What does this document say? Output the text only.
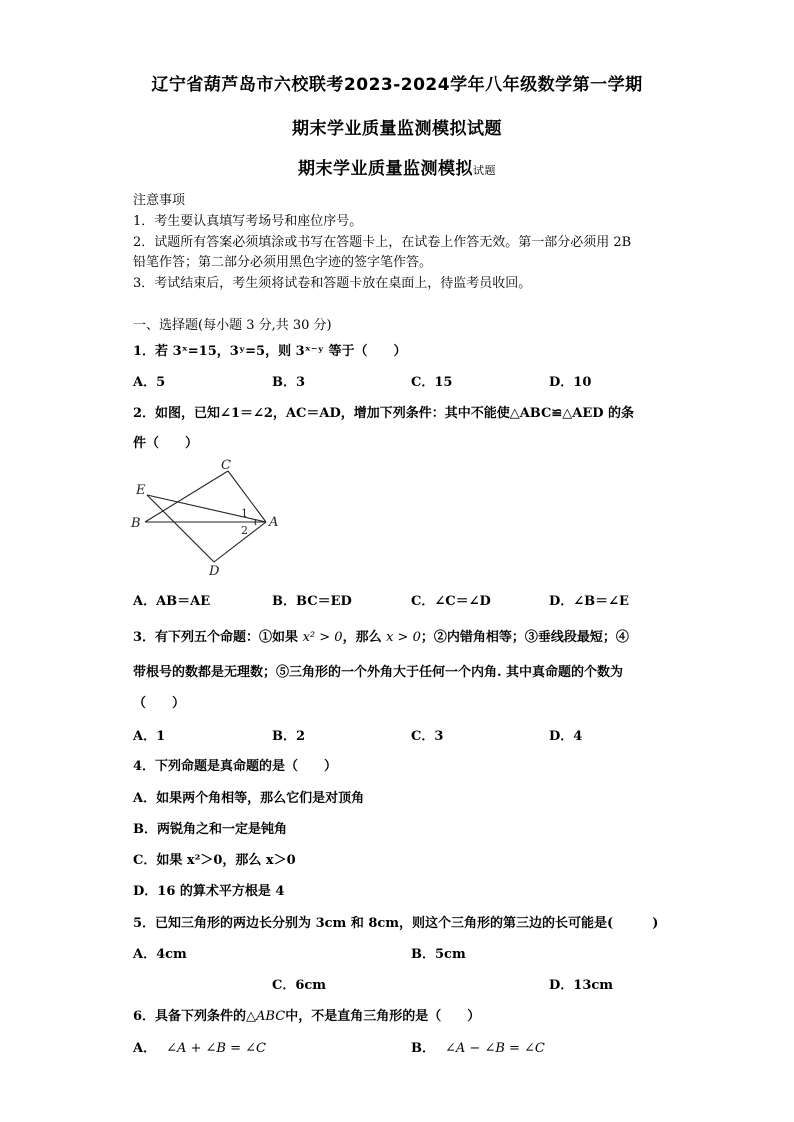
辽宁省葫芦岛市六校联考2023-2024学年八年级数学第一学期
期末学业质量监测模拟试题
期末学业质量监测模拟试题
注意事项
1．考生要认真填写考场号和座位序号。
2．试题所有答案必须填涂或书写在答题卡上，在试卷上作答无效。第一部分必须用 2B
铅笔作答；第二部分必须用黑色字迹的签字笔作答。
3．考试结束后，考生须将试卷和答题卡放在桌面上，待监考员收回。
一、选择题(每小题 3 分,共 30 分)
1．若 3ˣ=15，3ʸ=5，则 3ˣ⁻ʸ 等于（　　）
A．5	B．3	C．15	D．10
2．如图，已知∠1＝∠2，AC＝AD，增加下列条件：其中不能使△ABC≌△AED 的条
件（　　）
C
E
1
A
B	2
D
A．AB＝AE	B．BC＝ED	C．∠C＝∠D	D．∠B＝∠E
3．有下列五个命题：①如果 x² > 0，那么 x > 0；②内错角相等；③垂线段最短；④
带根号的数都是无理数；⑤三角形的一个外角大于任何一个内角. 其中真命题的个数为
（　　）
A．1	B．2	C．3	D．4
4．下列命题是真命题的是（　　）
A．如果两个角相等，那么它们是对顶角
B．两锐角之和一定是钝角
C．如果 x²＞0，那么 x＞0
D．16 的算术平方根是 4
5．已知三角形的两边长分别为 3cm 和 8cm，则这个三角形的第三边的长可能是(　　　)
A．4cm	B．5cm
C．6cm	D．13cm
6．具备下列条件的△ABC中，不是直角三角形的是（　　）
A． ∠A + ∠B = ∠C	B． ∠A − ∠B = ∠C
